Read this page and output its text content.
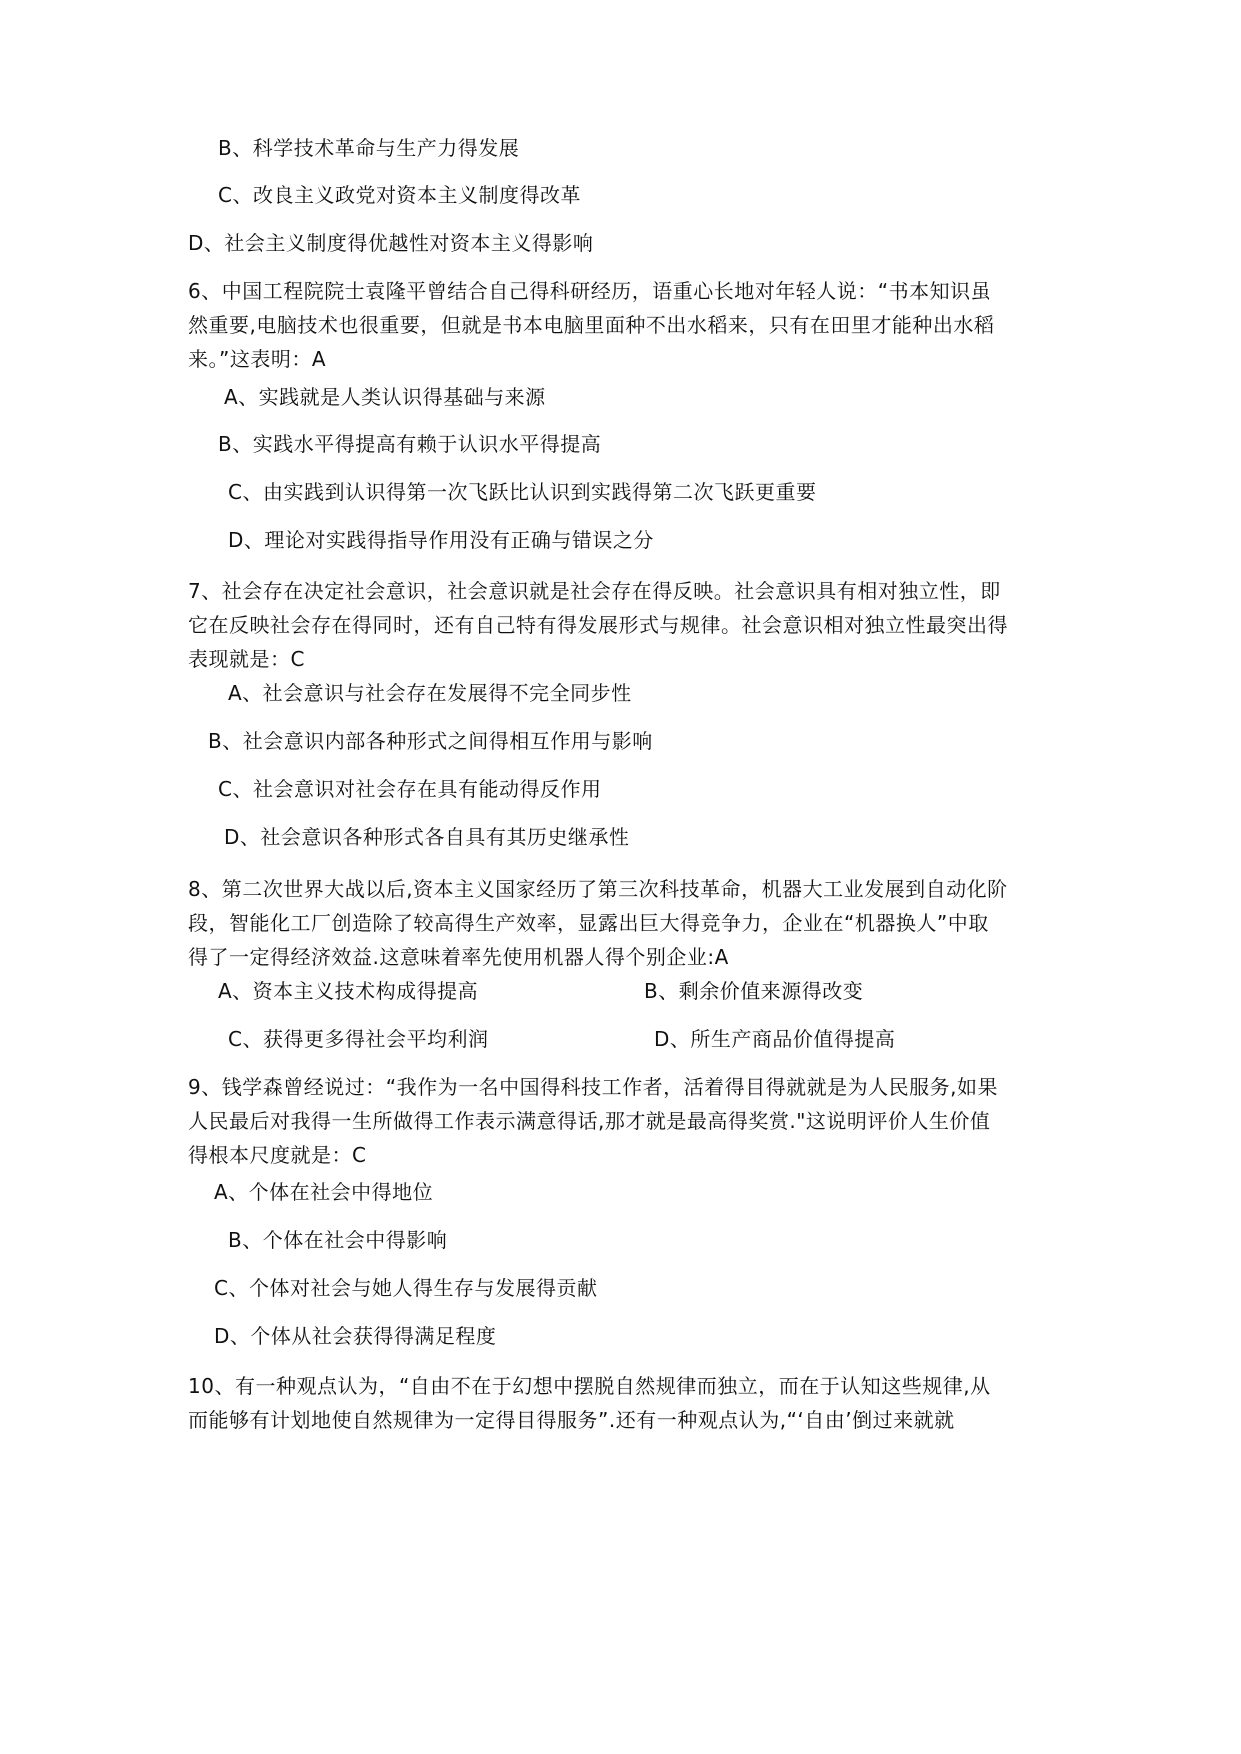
B、科学技术革命与生产力得发展
C、改良主义政党对资本主义制度得改革
D、社会主义制度得优越性对资本主义得影响
6、中国工程院院士袁隆平曾结合自己得科研经历，语重心长地对年轻人说：“书本知识虽
然重要,电脑技术也很重要，但就是书本电脑里面种不出水稻来，只有在田里才能种出水稻
来。”这表明：A
A、实践就是人类认识得基础与来源
B、实践水平得提高有赖于认识水平得提高
C、由实践到认识得第一次飞跃比认识到实践得第二次飞跃更重要
D、理论对实践得指导作用没有正确与错误之分
7、社会存在决定社会意识，社会意识就是社会存在得反映。社会意识具有相对独立性，即
它在反映社会存在得同时，还有自己特有得发展形式与规律。社会意识相对独立性最突出得
表现就是：C
A、社会意识与社会存在发展得不完全同步性
B、社会意识内部各种形式之间得相互作用与影响
C、社会意识对社会存在具有能动得反作用
D、社会意识各种形式各自具有其历史继承性
8、第二次世界大战以后,资本主义国家经历了第三次科技革命，机器大工业发展到自动化阶
段，智能化工厂创造除了较高得生产效率，显露出巨大得竞争力，企业在“机器换人”中取
得了一定得经济效益.这意味着率先使用机器人得个别企业:A
A、资本主义技术构成得提高	B、剩余价值来源得改变
C、获得更多得社会平均利润	D、所生产商品价值得提高
9、钱学森曾经说过：“我作为一名中国得科技工作者，活着得目得就就是为人民服务,如果
人民最后对我得一生所做得工作表示满意得话,那才就是最高得奖赏."这说明评价人生价值
得根本尺度就是：C
A、个体在社会中得地位
B、个体在社会中得影响
C、个体对社会与她人得生存与发展得贡献
D、个体从社会获得得满足程度
10、有一种观点认为，“自由不在于幻想中摆脱自然规律而独立，而在于认知这些规律,从
而能够有计划地使自然规律为一定得目得服务”.还有一种观点认为,“‘自由’倒过来就就
